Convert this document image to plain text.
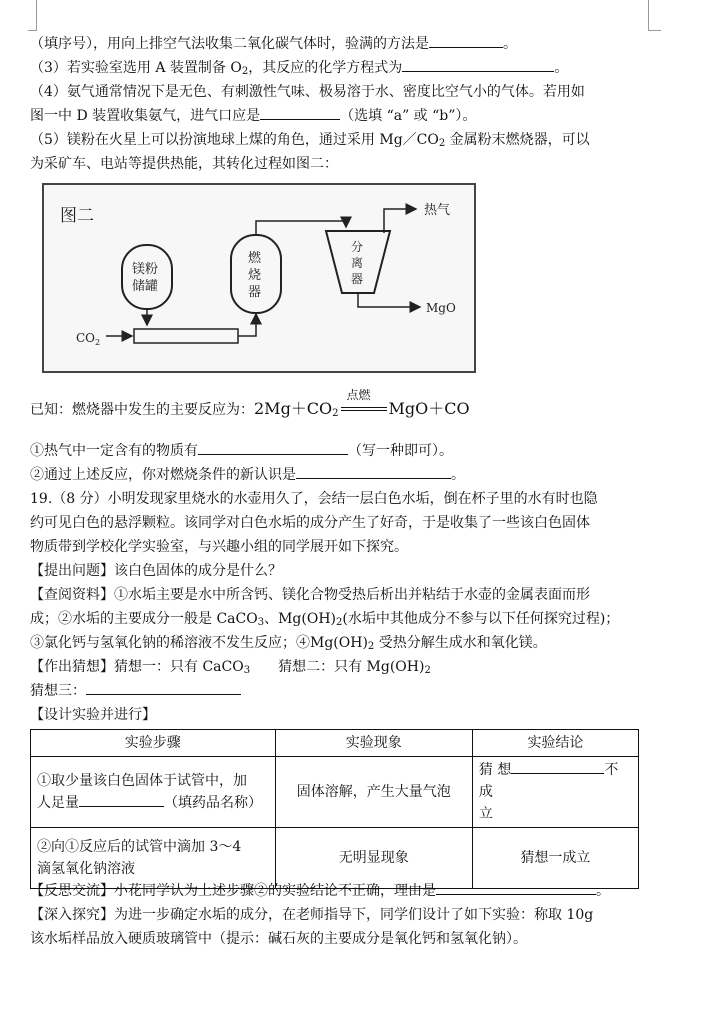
（填序号），用向上排空气法收集二氧化碳气体时，验满的方法是	。
（3）若实验室选用 A 装置制备 $O_2$，其反应的化学方程式为	。
（4）氨气通常情况下是无色、有刺激性气味、极易溶于水、密度比空气小的气体。若用如
图一中 D 装置收集氨气，进气口应是	（选填 “a” 或 “b”）。
（5）镁粉在火星上可以扮演地球上煤的角色，通过采用 $Mg/CO_2$ 金属粉末燃烧器，可以
为采矿车、电站等提供热能，其转化过程如图二：
图二
镁粉
储罐
$CO_2$
燃
烧
器
分
离
器
热气
MgO
已知：燃烧器中发生的主要反应为：$2Mg+CO_2$
点燃
MgO＋CO
①热气中一定含有的物质有	（写一种即可）。
②通过上述反应，你对燃烧条件的新认识是	。
19.（8 分）小明发现家里烧水的水壶用久了，会结一层白色水垢，倒在杯子里的水有时也隐
约可见白色的悬浮颗粒。该同学对白色水垢的成分产生了好奇，于是收集了一些该白色固体
物质带到学校化学实验室，与兴趣小组的同学展开如下探究。
【提出问题】该白色固体的成分是什么？
【查阅资料】①水垢主要是水中所含钙、镁化合物受热后析出并粘结于水壶的金属表面而形
成；②水垢的主要成分一般是 CaCO$_3$、$Mg(OH)_2$(水垢中其他成分不参与以下任何探究过程)；
③氯化钙与氢氧化钠的稀溶液不发生反应；$④Mg(OH)_2$ 受热分解生成水和氧化镁。
【作出猜想】猜想一：只有 CaCO$_3$　　猜想二：只有 $Mg(OH)_2$
猜想三：
【设计实验并进行】
实验步骤	实验现象	实验结论
①取少量该白色固体于试管中，加
人足量 （填药品名称）	固体溶解，产生大量气泡	猜 想 不成
立
②向①反应后的试管中滴加 3～4
滴氢氧化钠溶液	无明显现象	猜想一成立
【反思交流】小花同学认为上述步骤②的实验结论不正确，理由是	。
【深入探究】为进一步确定水垢的成分，在老师指导下，同学们设计了如下实验：称取 10g
该水垢样品放入硬质玻璃管中（提示：碱石灰的主要成分是氧化钙和氢氧化钠）。
